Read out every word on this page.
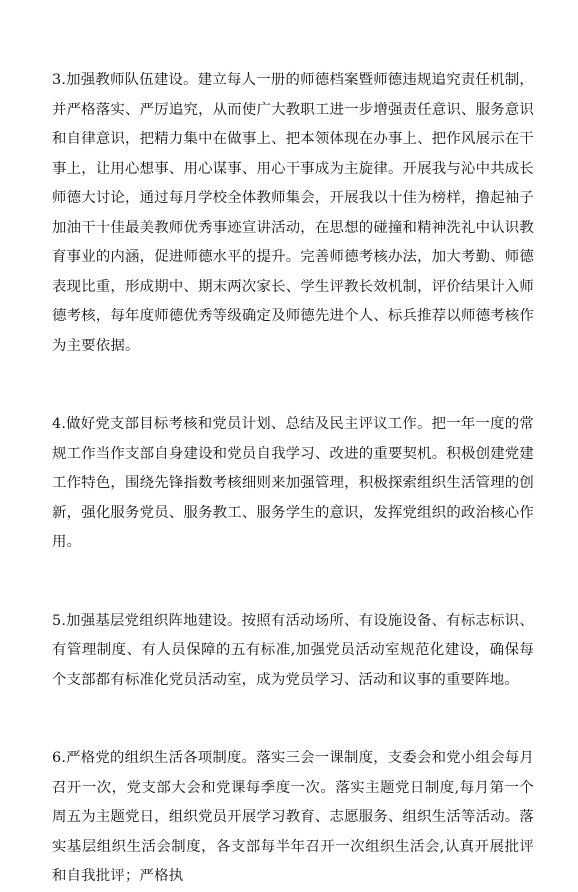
3.加强教师队伍建设。建立每人一册的师德档案暨师德违规追究责任机制，并严格落实、严厉追究，从而使广大教职工进一步增强责任意识、服务意识和自律意识，把精力集中在做事上、把本领体现在办事上、把作风展示在干事上，让用心想事、用心谋事、用心干事成为主旋律。开展我与沁中共成长师德大讨论，通过每月学校全体教师集会，开展我以十佳为榜样，撸起袖子加油干十佳最美教师优秀事迹宣讲活动，在思想的碰撞和精神洗礼中认识教育事业的内涵，促进师德水平的提升。完善师德考核办法，加大考勤、师德表现比重，形成期中、期末两次家长、学生评教长效机制，评价结果计入师德考核，每年度师德优秀等级确定及师德先进个人、标兵推荐以师德考核作为主要依据。

4.做好党支部目标考核和党员计划、总结及民主评议工作。把一年一度的常规工作当作支部自身建设和党员自我学习、改进的重要契机。积极创建党建工作特色，围绕先锋指数考核细则来加强管理，积极探索组织生活管理的创新，强化服务党员、服务教工、服务学生的意识，发挥党组织的政治核心作用。

5.加强基层党组织阵地建设。按照有活动场所、有设施设备、有标志标识、有管理制度、有人员保障的五有标准,加强党员活动室规范化建设，确保每个支部都有标准化党员活动室，成为党员学习、活动和议事的重要阵地。

6.严格党的组织生活各项制度。落实三会一课制度，支委会和党小组会每月召开一次，党支部大会和党课每季度一次。落实主题党日制度,每月第一个周五为主题党日，组织党员开展学习教育、志愿服务、组织生活等活动。落实基层组织生活会制度，各支部每半年召开一次组织生活会,认真开展批评和自我批评；严格执
